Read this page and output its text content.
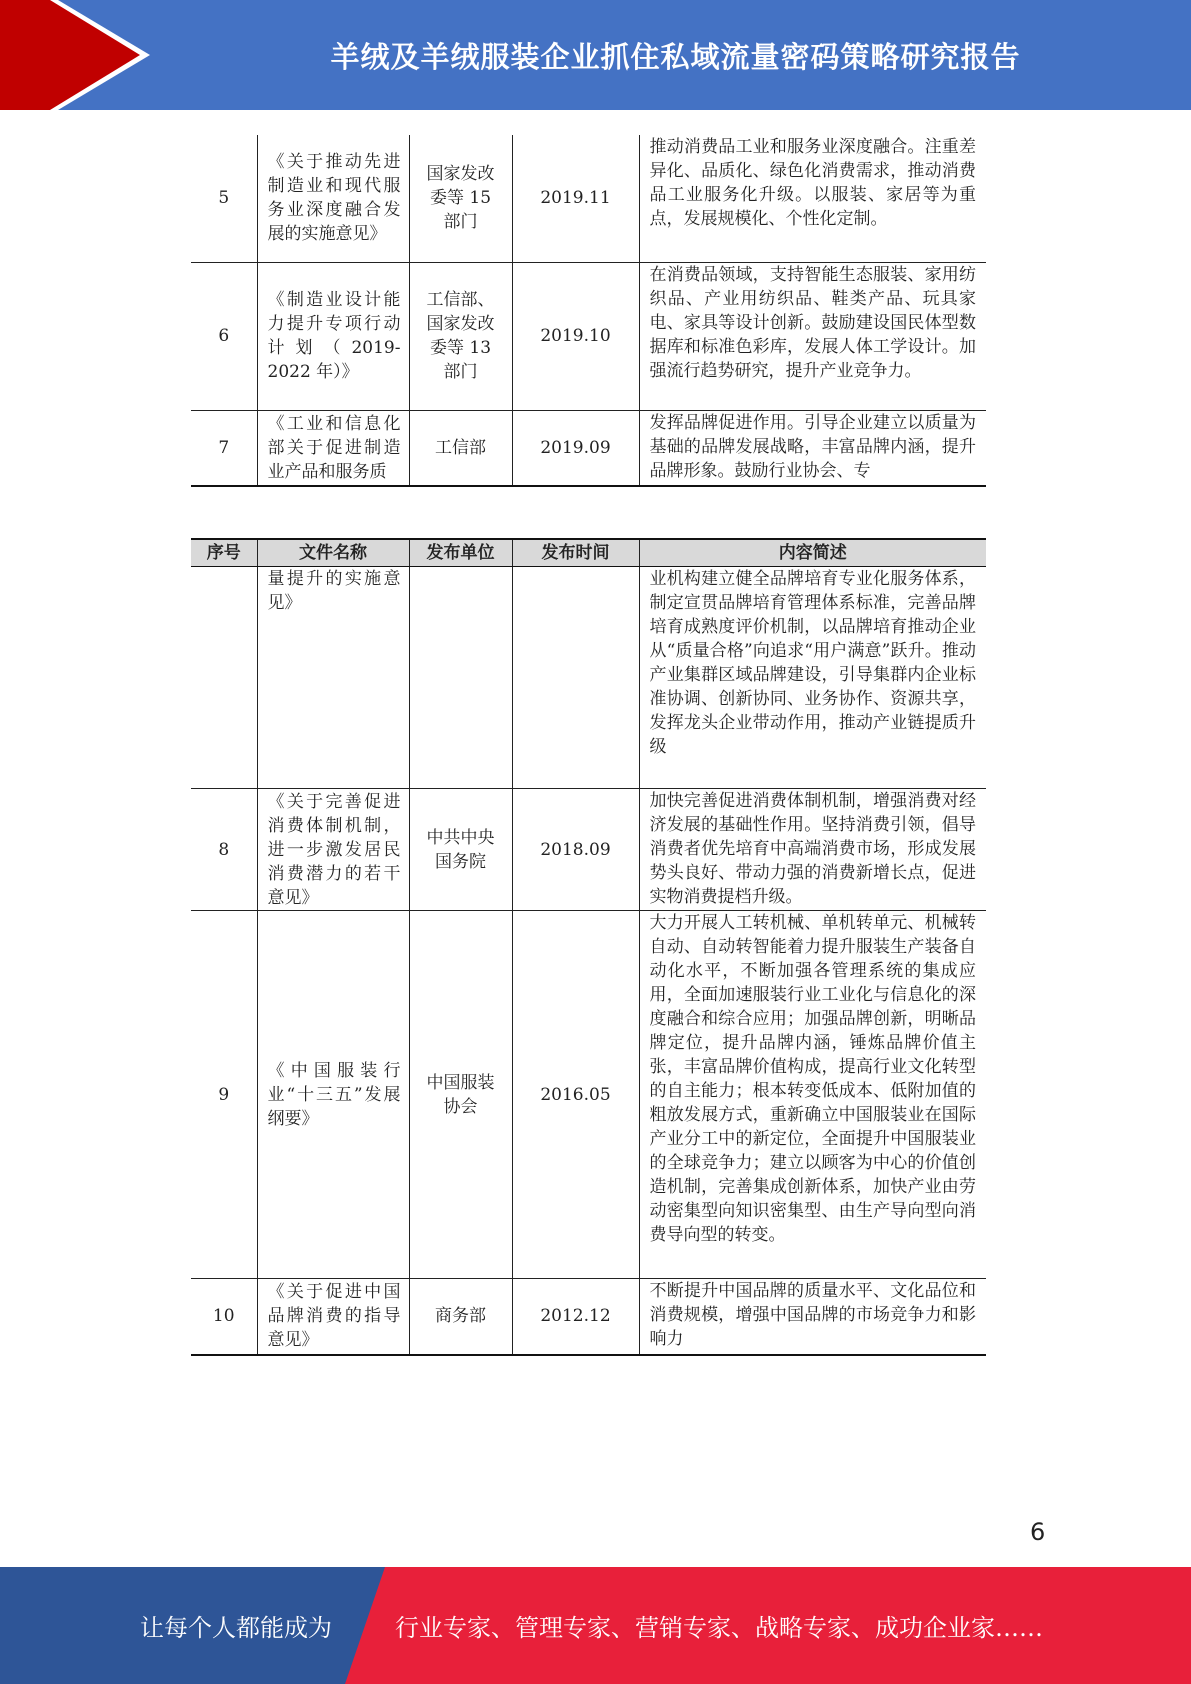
羊绒及羊绒服装企业抓住私域流量密码策略研究报告
5	《关于推动先进制造业和现代服务业深度融合发展的实施意见》	国家发改委等 15 部门	2019.11	推动消费品工业和服务业深度融合。注重差异化、品质化、绿色化消费需求，推动消费品工业服务化升级。以服装、家居等为重点，发展规模化、个性化定制。
6	《制造业设计能力提升专项行动计划（2019-2022 年）》	工信部、国家发改委等 13 部门	2019.10	在消费品领域，支持智能生态服装、家用纺织品、产业用纺织品、鞋类产品、玩具家电、家具等设计创新。鼓励建设国民体型数据库和标准色彩库，发展人体工学设计。加强流行趋势研究，提升产业竞争力。
7	《工业和信息化部关于促进制造业产品和服务质	工信部	2019.09	发挥品牌促进作用。引导企业建立以质量为基础的品牌发展战略，丰富品牌内涵，提升品牌形象。鼓励行业协会、专
序号	文件名称	发布单位	发布时间	内容简述
	量提升的实施意见》			业机构建立健全品牌培育专业化服务体系，制定宣贯品牌培育管理体系标准，完善品牌培育成熟度评价机制，以品牌培育推动企业从“质量合格”向追求“用户满意”跃升。推动产业集群区域品牌建设，引导集群内企业标准协调、创新协同、业务协作、资源共享，发挥龙头企业带动作用，推动产业链提质升级
8	《关于完善促进消费体制机制，进一步激发居民消费潜力的若干意见》	中共中央国务院	2018.09	加快完善促进消费体制机制，增强消费对经济发展的基础性作用。坚持消费引领，倡导消费者优先培育中高端消费市场，形成发展势头良好、带动力强的消费新增长点，促进实物消费提档升级。
9	《中国服装行业“十三五”发展纲要》	中国服装协会	2016.05	大力开展人工转机械、单机转单元、机械转自动、自动转智能着力提升服装生产装备自动化水平，不断加强各管理系统的集成应用，全面加速服装行业工业化与信息化的深度融合和综合应用；加强品牌创新，明晰品牌定位，提升品牌内涵，锤炼品牌价值主张，丰富品牌价值构成，提高行业文化转型的自主能力；根本转变低成本、低附加值的粗放发展方式，重新确立中国服装业在国际产业分工中的新定位，全面提升中国服装业的全球竞争力；建立以顾客为中心的价值创造机制，完善集成创新体系，加快产业由劳动密集型向知识密集型、由生产导向型向消费导向型的转变。
10	《关于促进中国品牌消费的指导意见》	商务部	2012.12	不断提升中国品牌的质量水平、文化品位和消费规模，增强中国品牌的市场竞争力和影响力
6
让每个人都能成为	行业专家、管理专家、营销专家、战略专家、成功企业家……
